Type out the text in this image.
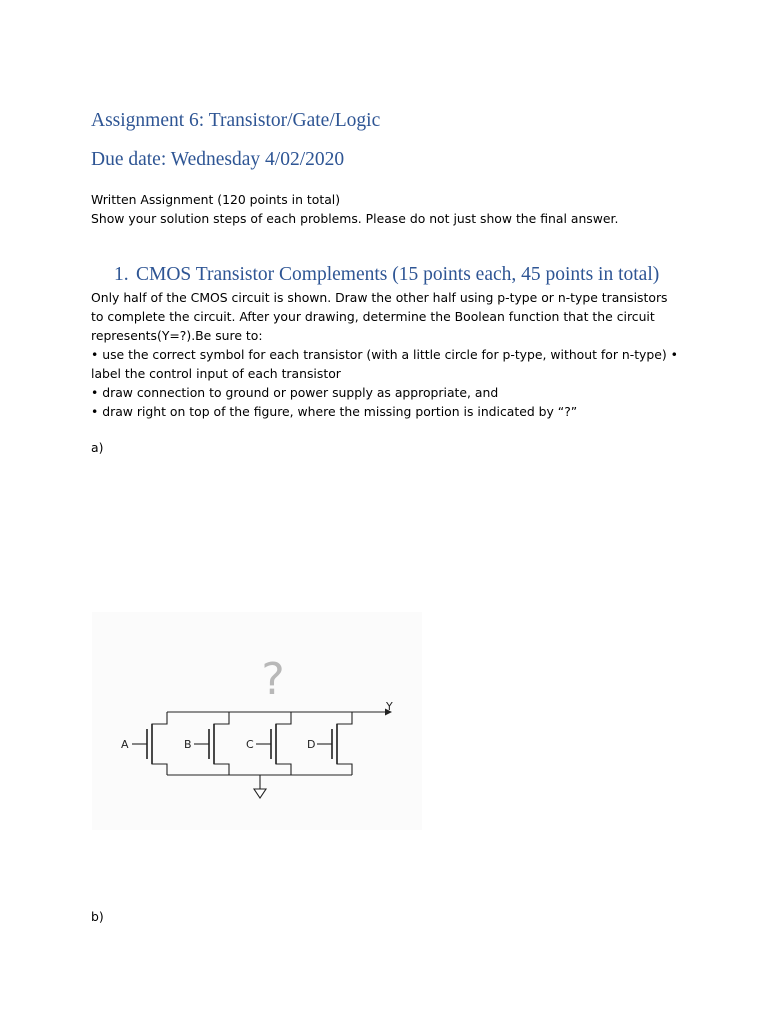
Assignment 6: Transistor/Gate/Logic
Due date: Wednesday 4/02/2020
Written Assignment (120 points in total)
Show your solution steps of each problems. Please do not just show the final answer.
1. CMOS Transistor Complements (15 points each, 45 points in total)
Only half of the CMOS circuit is shown. Draw the other half using p-type or n-type transistors
to complete the circuit. After your drawing, determine the Boolean function that the circuit
represents(Y=?).Be sure to:
• use the correct symbol for each transistor (with a little circle for p-type, without for n-type) •
label the control input of each transistor
• draw connection to ground or power supply as appropriate, and
• draw right on top of the figure, where the missing portion is indicated by “?”
a)
?
Y
A	B	C	D
b)
